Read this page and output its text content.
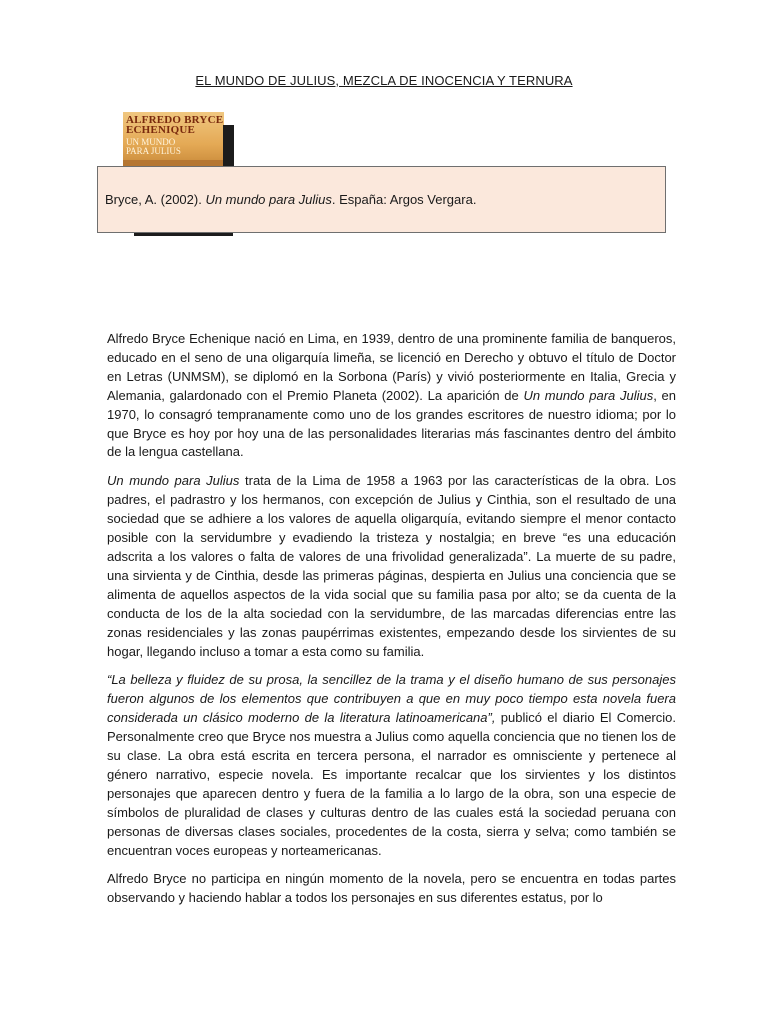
EL MUNDO DE JULIUS, MEZCLA DE INOCENCIA Y TERNURA
ALFREDO BRYCE
ECHENIQUE
UN MUNDO
PARA JULIUS
Bryce, A. (2002). Un mundo para Julius. España: Argos Vergara.

Alfredo Bryce Echenique nació en Lima, en 1939, dentro de una prominente familia de banqueros, educado en el seno de una oligarquía limeña, se licenció en Derecho y obtuvo el título de Doctor en Letras (UNMSM), se diplomó en la Sorbona (París) y vivió posteriormente en Italia, Grecia y Alemania, galardonado con el Premio Planeta (2002). La aparición de Un mundo para Julius, en 1970, lo consagró tempranamente como uno de los grandes escritores de nuestro idioma; por lo que Bryce es hoy por hoy una de las personalidades literarias más fascinantes dentro del ámbito de la lengua castellana.

Un mundo para Julius trata de la Lima de 1958 a 1963 por las características de la obra. Los padres, el padrastro y los hermanos, con excepción de Julius y Cinthia, son el resultado de una sociedad que se adhiere a los valores de aquella oligarquía, evitando siempre el menor contacto posible con la servidumbre y evadiendo la tristeza y nostalgia; en breve “es una educación adscrita a los valores o falta de valores de una frivolidad generalizada”. La muerte de su padre, una sirvienta y de Cinthia, desde las primeras páginas, despierta en Julius una conciencia que se alimenta de aquellos aspectos de la vida social que su familia pasa por alto; se da cuenta de la conducta de los de la alta sociedad con la servidumbre, de las marcadas diferencias entre las zonas residenciales y las zonas paupérrimas existentes, empezando desde los sirvientes de su hogar, llegando incluso a tomar a esta como su familia.

“La belleza y fluidez de su prosa, la sencillez de la trama y el diseño humano de sus personajes fueron algunos de los elementos que contribuyen a que en muy poco tiempo esta novela fuera considerada un clásico moderno de la literatura latinoamericana”, publicó el diario El Comercio. Personalmente creo que Bryce nos muestra a Julius como aquella conciencia que no tienen los de su clase. La obra está escrita en tercera persona, el narrador es omnisciente y pertenece al género narrativo, especie novela. Es importante recalcar que los sirvientes y los distintos personajes que aparecen dentro y fuera de la familia a lo largo de la obra, son una especie de símbolos de pluralidad de clases y culturas dentro de las cuales está la sociedad peruana con personas de diversas clases sociales, procedentes de la costa, sierra y selva; como también se encuentran voces europeas y norteamericanas.

Alfredo Bryce no participa en ningún momento de la novela, pero se encuentra en todas partes observando y haciendo hablar a todos los personajes en sus diferentes estatus, por lo
